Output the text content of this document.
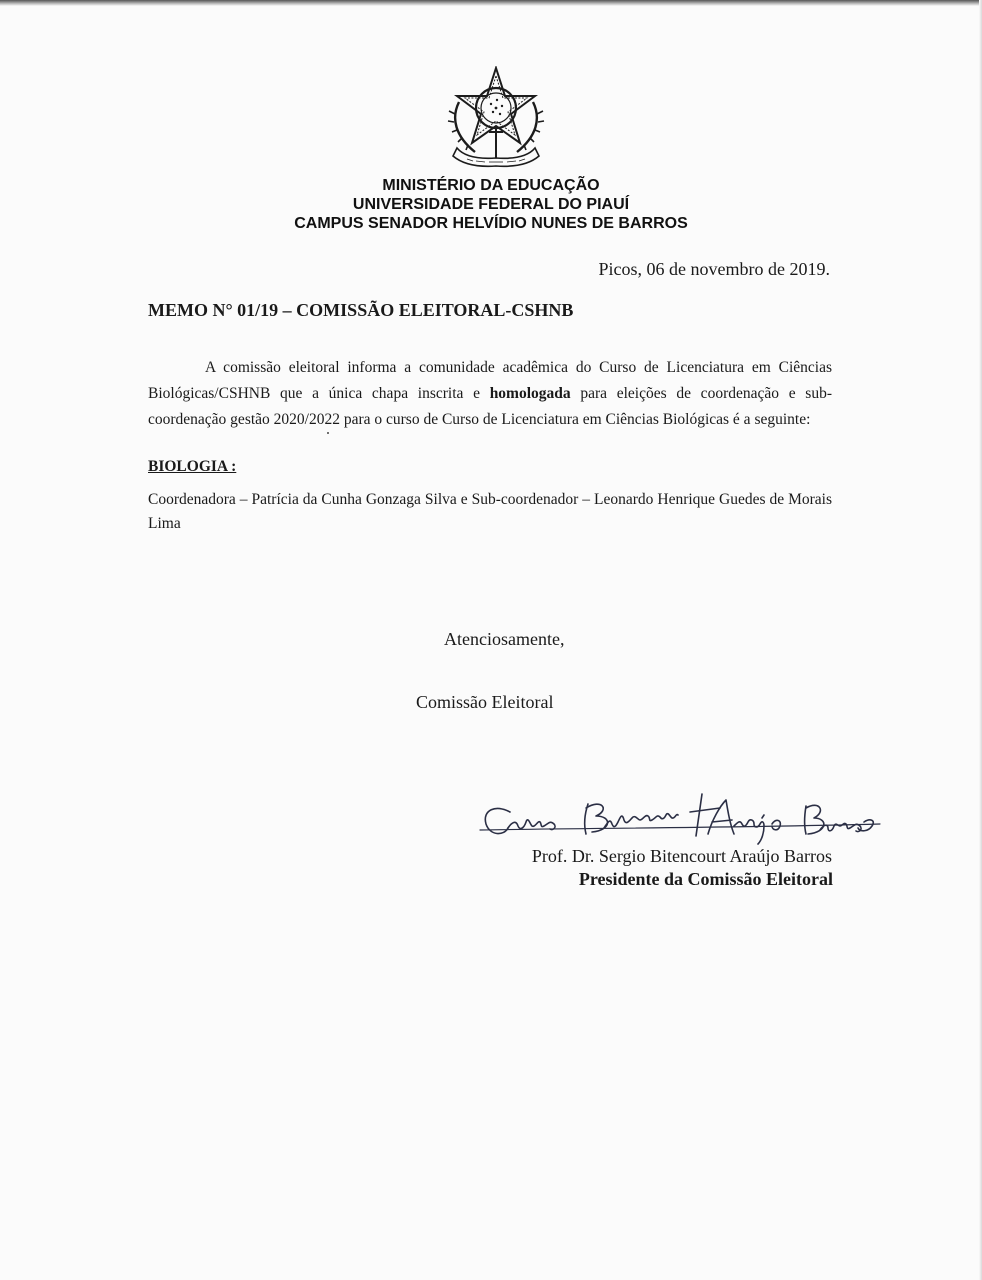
MINISTÉRIO DA EDUCAÇÃO
UNIVERSIDADE FEDERAL DO PIAUÍ
CAMPUS SENADOR HELVÍDIO NUNES DE BARROS
Picos, 06 de novembro de 2019.
MEMO N° 01/19 – COMISSÃO ELEITORAL-CSHNB

A comissão eleitoral informa a comunidade acadêmica do Curso de Licenciatura em Ciências Biológicas/CSHNB que a única chapa inscrita e homologada para eleições de coordenação e sub-coordenação gestão 2020/2022 para o curso de Curso de Licenciatura em Ciências Biológicas é a seguinte:

BIOLOGIA :
Coordenadora – Patrícia da Cunha Gonzaga Silva e Sub-coordenador – Leonardo Henrique Guedes de Morais Lima
Atenciosamente,
Comissão Eleitoral
Prof. Dr. Sergio Bitencourt Araújo Barros
Presidente da Comissão Eleitoral
